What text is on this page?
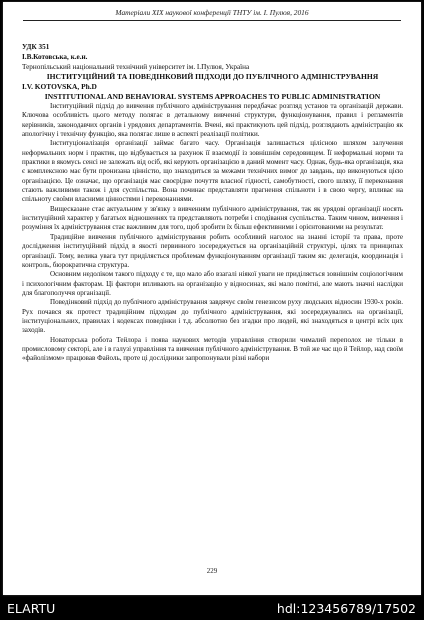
Матеріали XIX наукової конференції ТНТУ ім. І. Пулюя, 2016

УДК 351

І.В.Котовська, к.е.н.

Тернопільський національний технічний університет ім. І.Пулюя, Україна

ІНСТИТУЦІЙНИЙ ТА ПОВЕДІНКОВИЙ ПІДХОДИ ДО ПУБЛІЧНОГО АДМІНІСТРУВАННЯ

I.V. KOTOVSKA, Ph.D

INSTITUTIONAL AND BEHAVIORAL SYSTEMS APPROACHES TO PUBLIC ADMINISTRATION

Інституційний підхід до вивчення публічного адміністрування передбачає розгляд установ та організацій держави. Ключова особливість цього методу полягає в детальному вивченні структури, функціонування, правил і регламентів керівників, законодавчих органів і урядових департаментів. Вчені, які практикують цей підхід, розглядають адміністрацію як апологічну і технічну функцію, яка полягає лише в аспекті реалізації політики.

Інституціоналізація організації займає багато часу. Організація залишається цілісною шляхом залучення неформальних норм і практик, що відбувається за рахунок її взаємодії із зовнішнім середовищем. Її неформальні норми та практики в якомусь сенсі не залежать від осіб, які керують організацією в даний момент часу. Однак, будь-яка організація, яка є комплексною має бути пронизана цінністю, що знаходиться за межами технічних вимог до завдань, що виконуються цією організацією. Це означає, що організація має своєрідне почуття власної гідності, самобутності, свого шляху, її переконання стають важливими також і для суспільства. Вона починає представляти прагнення спільноти і в свою чергу, впливає на спільноту своїми власними цінностями і переконаннями.

Вищесказане стає актуальним у зв'язку з вивченням публічного адміністрування, так як урядові організації носять інституційний характер у багатьох відношеннях та представляють потреби і сподівання суспільства. Таким чином, вивчення і розуміння їх адміністрування стає важливим для того, щоб зробити їх більш ефективними і орієнтованими на результат.

Традиційне вивчення публічного адміністрування робить особливий наголос на знанні історії та права, проте дослідження інституційний підхід в якості первинного зосереджується на організаційній структурі, цілях та принципах організації. Тому, велика увага тут приділяється проблемам функціонуванням організації таким як: делегація, координація і контроль, бюрократична структура.

Основним недоліком такого підходу є те, що мало або взагалі ніякої уваги не приділяється зовнішнім соціологічним і психологічним факторам. Ці фактори впливають на організацію у відносинах, які мало помітні, але мають значні наслідки для благополуччя організації.

Поведінковий підхід до публічного адміністрування завдячує своїм генезисом руху людських відносин 1930-х років. Рух почався як протест традиційним підходам до публічного адміністрування, які зосереджувались на організації, інституціональних, правилах і кодексах поведінки і т.д. абсолютно без згадки про людей, які знаходяться в центрі всіх цих заходів.

Новаторська робота Тейлора і поява наукових методів управління створили чималий переполох не тільки в промисловому секторі, але і в галузі управління та вивчення публічного адміністрування. В той же час що й Тейлор, над своїм «файолізмом» працював Файоль, проте ці дослідники запропонували різні набори

229
ELARTU	hdl:123456789/17502
